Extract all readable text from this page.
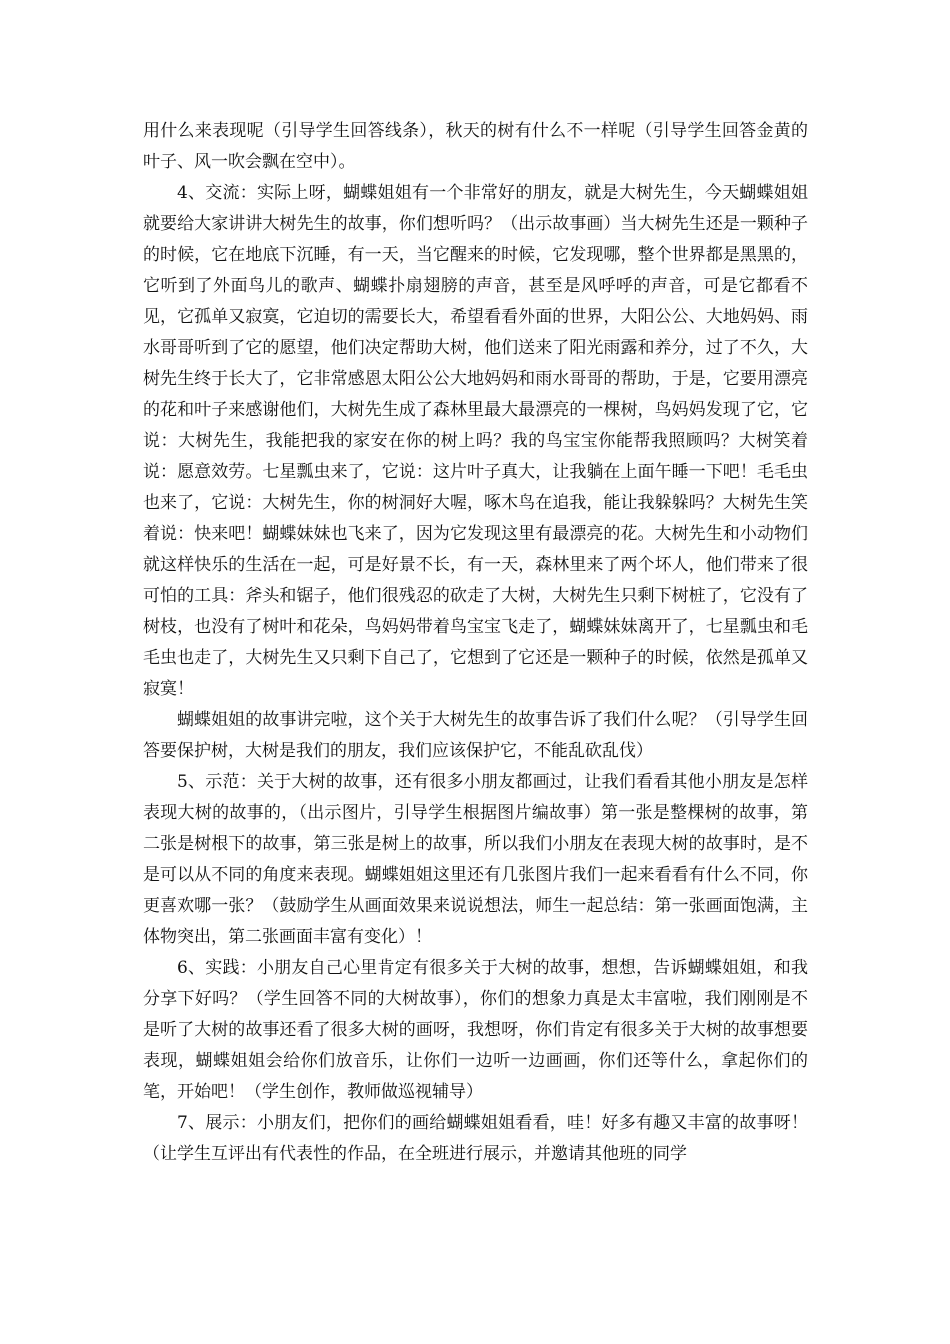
用什么来表现呢（引导学生回答线条），秋天的树有什么不一样呢（引导学生回答金黄的叶子、风一吹会飘在空中）。

4、交流：实际上呀，蝴蝶姐姐有一个非常好的朋友，就是大树先生，今天蝴蝶姐姐就要给大家讲讲大树先生的故事，你们想听吗？（出示故事画）当大树先生还是一颗种子的时候，它在地底下沉睡，有一天，当它醒来的时候，它发现哪，整个世界都是黑黑的，它听到了外面鸟儿的歌声、蝴蝶扑扇翅膀的声音，甚至是风呼呼的声音，可是它都看不见，它孤单又寂寞，它迫切的需要长大，希望看看外面的世界，大阳公公、大地妈妈、雨水哥哥听到了它的愿望，他们决定帮助大树，他们送来了阳光雨露和养分，过了不久，大树先生终于长大了，它非常感恩太阳公公大地妈妈和雨水哥哥的帮助，于是，它要用漂亮的花和叶子来感谢他们，大树先生成了森林里最大最漂亮的一棵树，鸟妈妈发现了它，它说：大树先生，我能把我的家安在你的树上吗？我的鸟宝宝你能帮我照顾吗？大树笑着说：愿意效劳。七星瓢虫来了，它说：这片叶子真大，让我躺在上面午睡一下吧！毛毛虫也来了，它说：大树先生，你的树洞好大喔，啄木鸟在追我，能让我躲躲吗？大树先生笑着说：快来吧！蝴蝶妹妹也飞来了，因为它发现这里有最漂亮的花。大树先生和小动物们就这样快乐的生活在一起，可是好景不长，有一天，森林里来了两个坏人，他们带来了很可怕的工具：斧头和锯子，他们很残忍的砍走了大树，大树先生只剩下树桩了，它没有了树枝，也没有了树叶和花朵，鸟妈妈带着鸟宝宝飞走了，蝴蝶妹妹离开了，七星瓢虫和毛毛虫也走了，大树先生又只剩下自己了，它想到了它还是一颗种子的时候，依然是孤单又寂寞！

蝴蝶姐姐的故事讲完啦，这个关于大树先生的故事告诉了我们什么呢？（引导学生回答要保护树，大树是我们的朋友，我们应该保护它，不能乱砍乱伐）

5、示范：关于大树的故事，还有很多小朋友都画过，让我们看看其他小朋友是怎样表现大树的故事的，（出示图片，引导学生根据图片编故事）第一张是整棵树的故事，第二张是树根下的故事，第三张是树上的故事，所以我们小朋友在表现大树的故事时，是不是可以从不同的角度来表现。蝴蝶姐姐这里还有几张图片我们一起来看看有什么不同，你更喜欢哪一张？（鼓励学生从画面效果来说说想法，师生一起总结：第一张画面饱满，主体物突出，第二张画面丰富有变化）！

6、实践：小朋友自己心里肯定有很多关于大树的故事，想想，告诉蝴蝶姐姐，和我分享下好吗？（学生回答不同的大树故事），你们的想象力真是太丰富啦，我们刚刚是不是听了大树的故事还看了很多大树的画呀，我想呀，你们肯定有很多关于大树的故事想要表现，蝴蝶姐姐会给你们放音乐，让你们一边听一边画画，你们还等什么，拿起你们的笔，开始吧！（学生创作，教师做巡视辅导）

7、展示：小朋友们，把你们的画给蝴蝶姐姐看看，哇！好多有趣又丰富的故事呀！（让学生互评出有代表性的作品，在全班进行展示，并邀请其他班的同学
